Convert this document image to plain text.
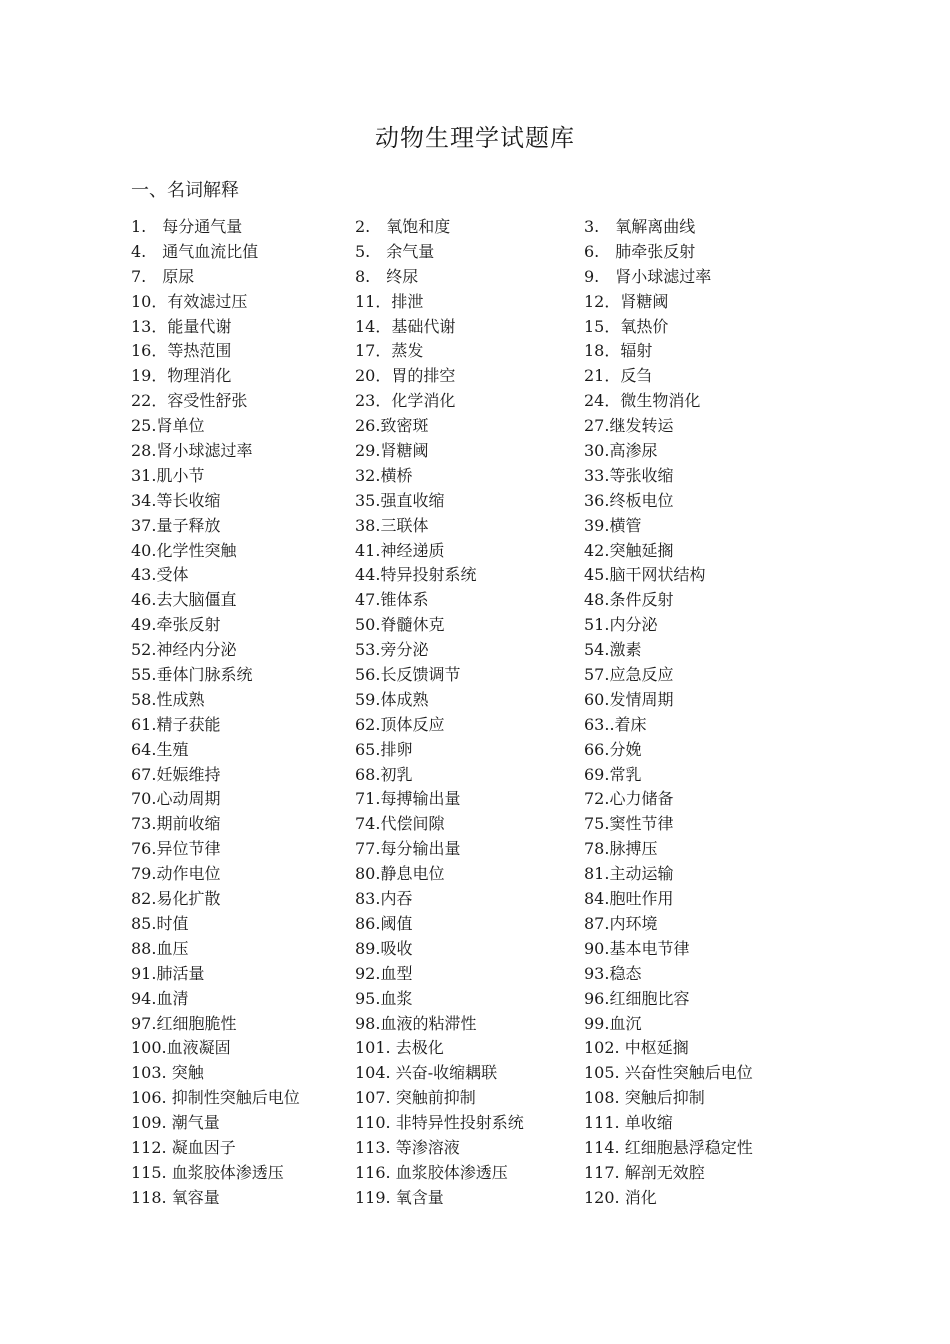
动物生理学试题库
一、名词解释
1.　每分通气量	2.　氧饱和度	3.　氧解离曲线
4.　通气血流比值	5.　余气量	6.　肺牵张反射
7.　原尿	8.　终尿	9.　肾小球滤过率
10．有效滤过压	11．排泄	12．肾糖阈
13．能量代谢	14．基础代谢	15．氧热价
16．等热范围	17．蒸发	18．辐射
19．物理消化	20．胃的排空	21．反刍
22．容受性舒张	23．化学消化	24．微生物消化
25.肾单位	26.致密斑	27.继发转运
28.肾小球滤过率	29.肾糖阈	30.高渗尿
31.肌小节	32.横桥	33.等张收缩
34.等长收缩	35.强直收缩	36.终板电位
37.量子释放	38.三联体	39.横管
40.化学性突触	41.神经递质	42.突触延搁
43.受体	44.特异投射系统	45.脑干网状结构
46.去大脑僵直	47.锥体系	48.条件反射
49.牵张反射	50.脊髓休克	51.内分泌
52.神经内分泌	53.旁分泌	54.激素
55.垂体门脉系统	56.长反馈调节	57.应急反应
58.性成熟	59.体成熟	60.发情周期
61.精子获能	62.顶体反应	63..着床
64.生殖	65.排卵	66.分娩
67.妊娠维持	68.初乳	69.常乳
70.心动周期	71.每搏输出量	72.心力储备
73.期前收缩	74.代偿间隙	75.窦性节律
76.异位节律	77.每分输出量	78.脉搏压
79.动作电位	80.静息电位	81.主动运输
82.易化扩散	83.内吞	84.胞吐作用
85.时值	86.阈值	87.内环境
88.血压	89.吸收	90.基本电节律
91.肺活量	92.血型	93.稳态
94.血清	95.血浆	96.红细胞比容
97.红细胞脆性	98.血液的粘滞性	99.血沉
100.血液凝固	101. 去极化	102. 中枢延搁
103. 突触	104. 兴奋-收缩耦联	105. 兴奋性突触后电位
106. 抑制性突触后电位	107. 突触前抑制	108. 突触后抑制
109. 潮气量	110. 非特异性投射系统	111. 单收缩
112. 凝血因子	113. 等渗溶液	114. 红细胞悬浮稳定性
115. 血浆胶体渗透压	116. 血浆胶体渗透压	117. 解剖无效腔
118. 氧容量	119. 氧含量	120. 消化
